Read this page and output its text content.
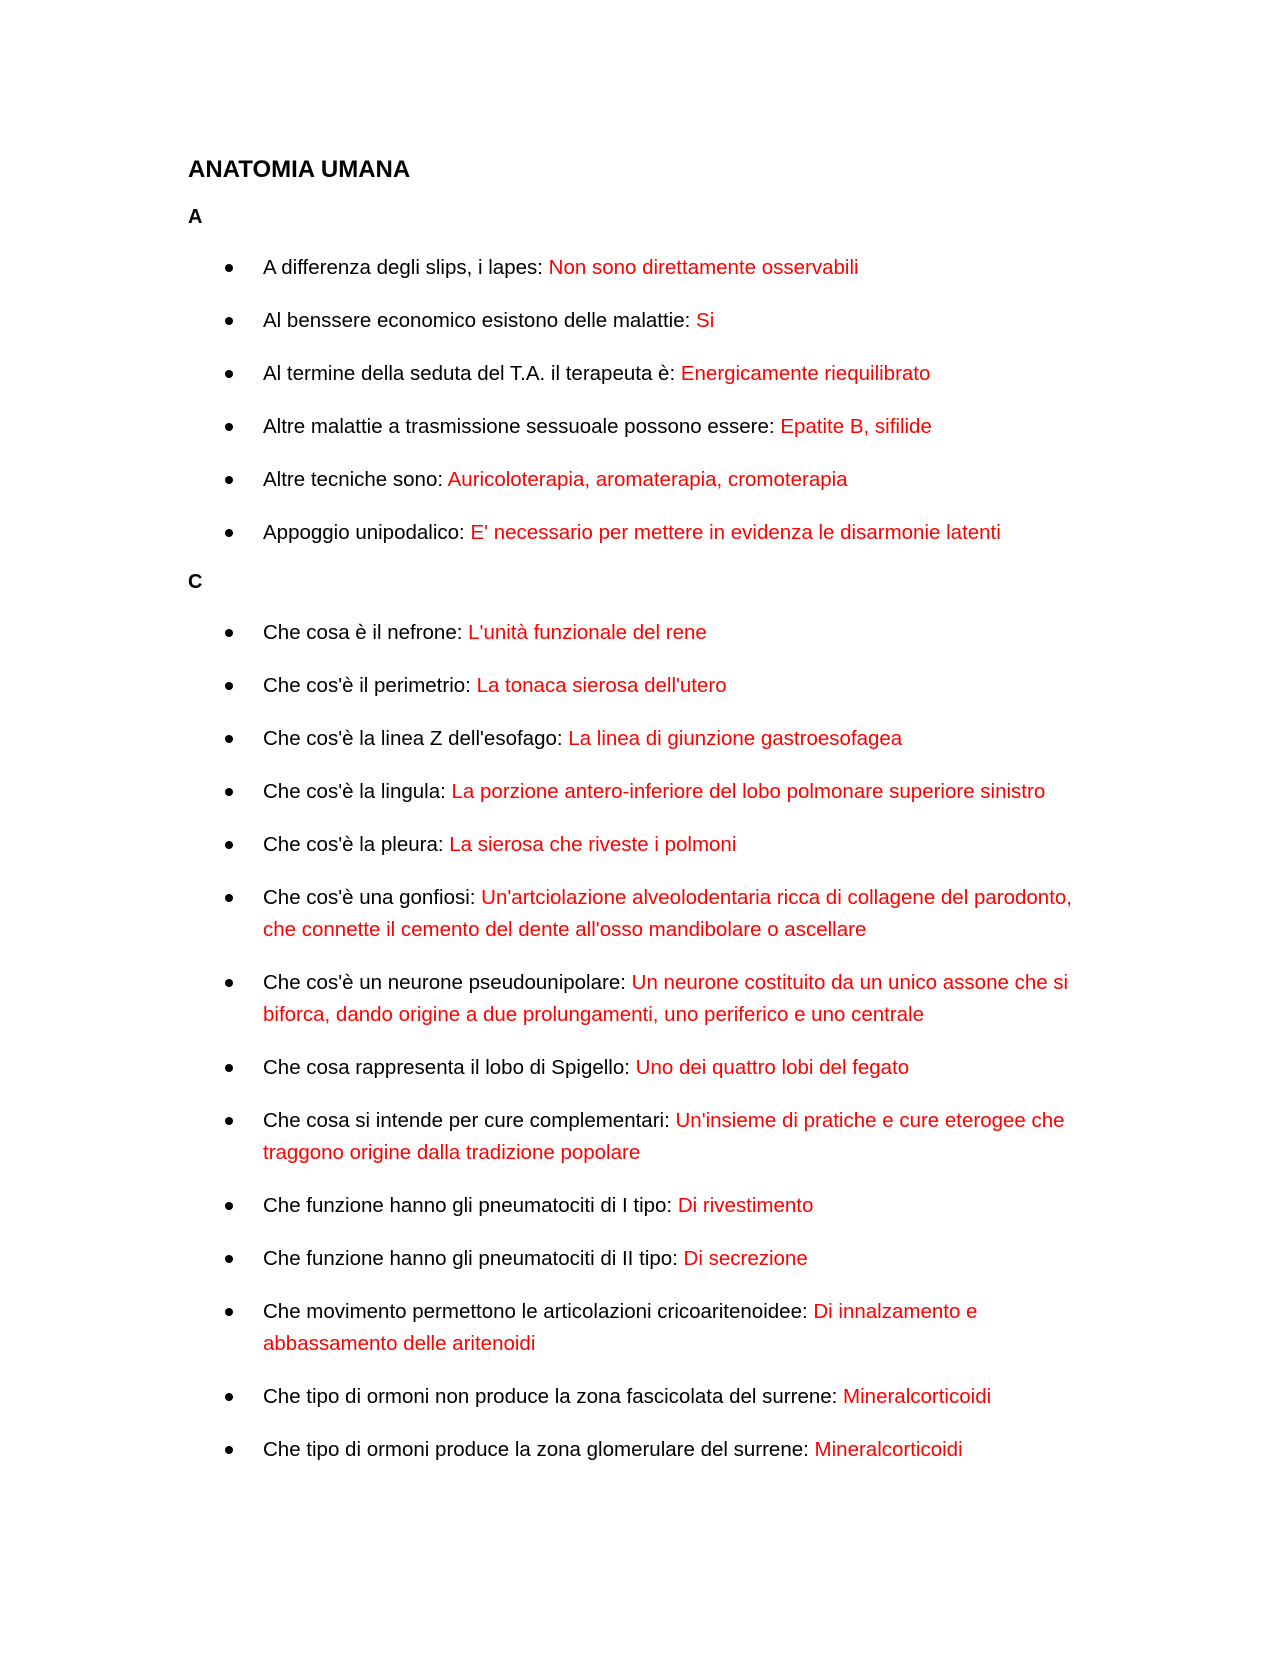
ANATOMIA UMANA
A
A differenza degli slips, i lapes: Non sono direttamente osservabili
Al benssere economico esistono delle malattie: Si
Al termine della seduta del T.A. il terapeuta è: Energicamente riequilibrato
Altre malattie a trasmissione sessuoale possono essere: Epatite B, sifilide
Altre tecniche sono: Auricoloterapia, aromaterapia, cromoterapia
Appoggio unipodalico: E' necessario per mettere in evidenza le disarmonie latenti
C
Che cosa è il nefrone: L'unità funzionale del rene
Che cos'è il perimetrio: La tonaca sierosa dell'utero
Che cos'è la linea Z dell'esofago: La linea di giunzione gastroesofagea
Che cos'è la lingula: La porzione antero-inferiore del lobo polmonare superiore sinistro
Che cos'è la pleura: La sierosa che riveste i polmoni
Che cos'è una gonfiosi: Un'artciolazione alveolodentaria ricca di collagene del parodonto, che connette il cemento del dente all'osso mandibolare o ascellare
Che cos'è un neurone pseudounipolare: Un neurone costituito da un unico assone che si biforca, dando origine a due prolungamenti, uno periferico e uno centrale
Che cosa rappresenta il lobo di Spigello: Uno dei quattro lobi del fegato
Che cosa si intende per cure complementari: Un'insieme di pratiche e cure eterogee che traggono origine dalla tradizione popolare
Che funzione hanno gli pneumatociti di I tipo: Di rivestimento
Che funzione hanno gli pneumatociti di II tipo: Di secrezione
Che movimento permettono le articolazioni cricoaritenoidee: Di innalzamento e abbassamento delle aritenoidi
Che tipo di ormoni non produce la zona fascicolata del surrene: Mineralcorticoidi
Che tipo di ormoni produce la zona glomerulare del surrene: Mineralcorticoidi
